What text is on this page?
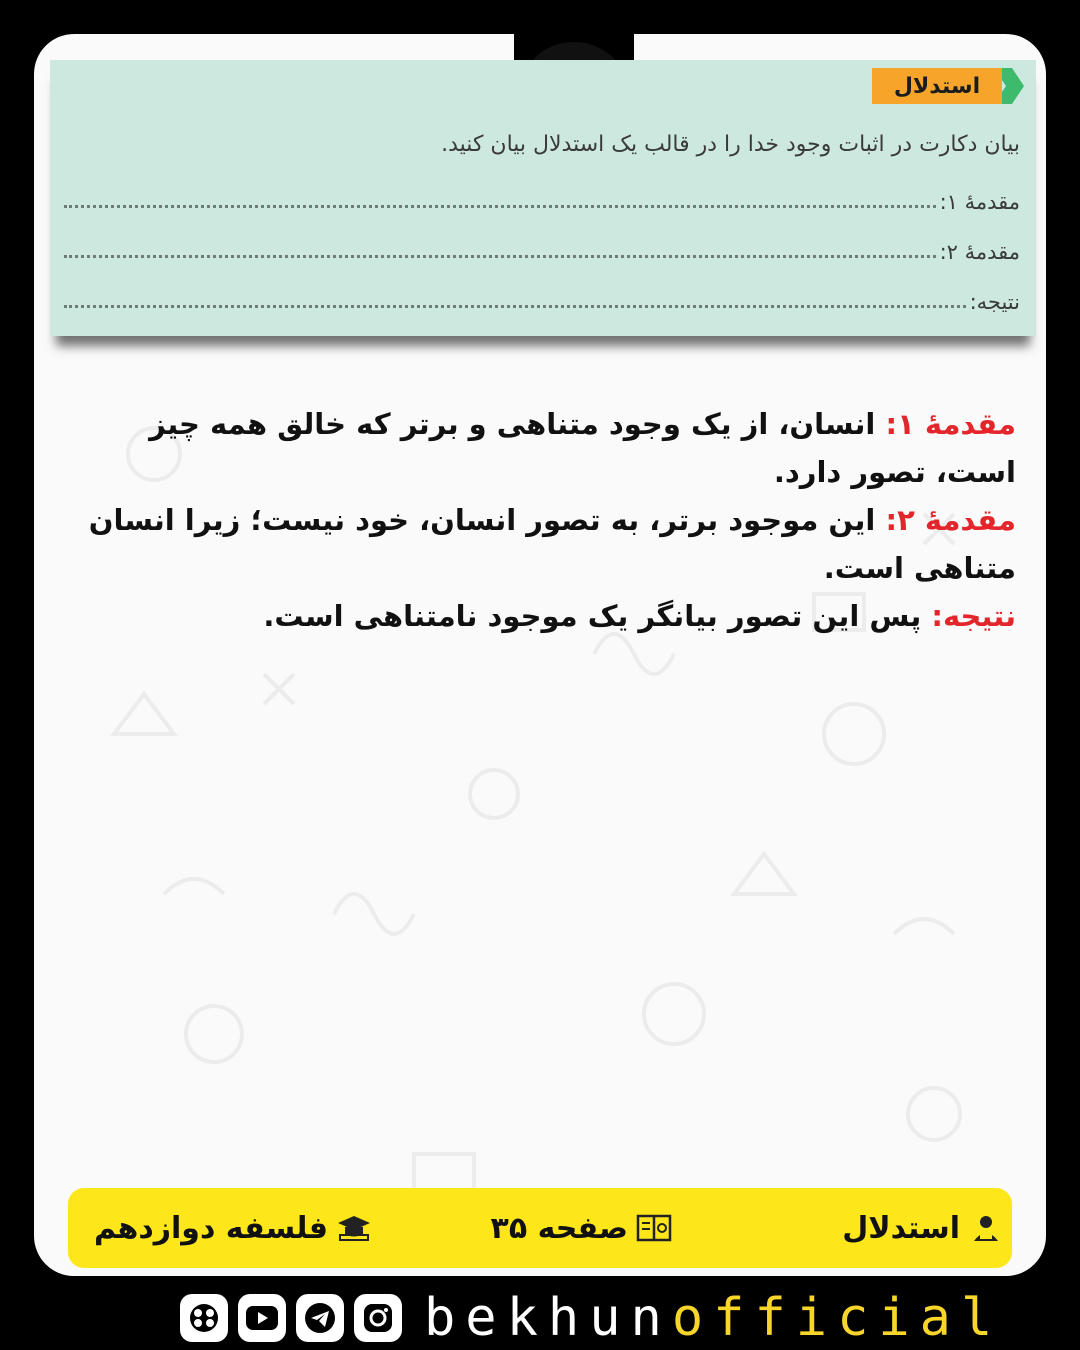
استدلال
بیان دکارت در اثبات وجود خدا را در قالب یک استدلال بیان کنید.
مقدمهٔ ۱:
مقدمهٔ ۲:
نتیجه:

مقدمهٔ ۱: انسان، از یک وجود متناهی و برتر که خالق همه چیز است، تصور دارد.

مقدمهٔ ۲: این موجود برتر، به تصور انسان، خود نیست؛ زیرا انسان متناهی است.

نتیجه: پس این تصور بیانگر یک موجود نامتناهی است.

استدلال
صفحه ۳۵
فلسفه دوازدهم
bekhunofficial
